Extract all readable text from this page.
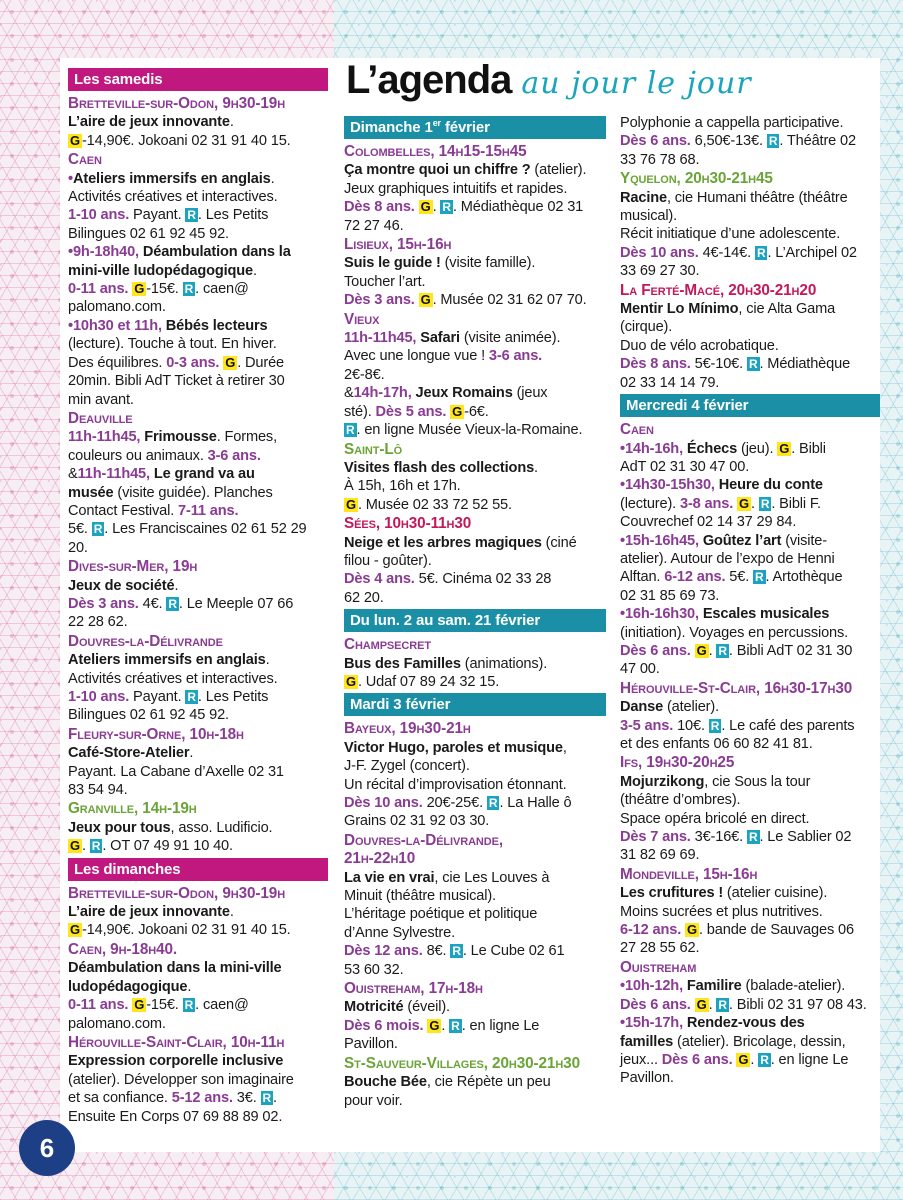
L’agenda au jour le jour
Les samedis
Bretteville-sur-Odon, 9h30-19h
L’aire de jeux innovante.
G -14,90€. Jokoani 02 31 91 40 15.
Caen
•Ateliers immersifs en anglais.
Activités créatives et interactives.
1-10 ans. Payant. R . Les Petits
Bilingues 02 61 92 45 92.
•9h-18h40, Déambulation dans la
mini-ville ludopédagogique.
0-11 ans. G -15€. R . caen@
palomano.com.
•10h30 et 11h, Bébés lecteurs
(lecture). Touche à tout. En hiver.
Des équilibres. 0-3 ans. G . Durée
20min. Bibli AdT Ticket à retirer 30
min avant.
Deauville
11h-11h45, Frimousse. Formes,
couleurs ou animaux. 3-6 ans.
&11h-11h45, Le grand va au
musée (visite guidée). Planches
Contact Festival. 7-11 ans.
5€. R . Les Franciscaines 02 61 52 29 20.
Dives-sur-Mer, 19h
Jeux de société.
Dès 3 ans. 4€. R . Le Meeple 07 66
22 28 62.
Douvres-la-Délivrande
Ateliers immersifs en anglais.
Activités créatives et interactives.
1-10 ans. Payant. R . Les Petits
Bilingues 02 61 92 45 92.
Fleury-sur-Orne, 10h-18h
Café-Store-Atelier.
Payant. La Cabane d’Axelle 02 31
83 54 94.
Granville, 14h-19h
Jeux pour tous, asso. Ludificio.
G . R . OT 07 49 91 10 40.
Les dimanches
Bretteville-sur-Odon, 9h30-19h
L’aire de jeux innovante.
G -14,90€. Jokoani 02 31 91 40 15.
Caen, 9h-18h40.
Déambulation dans la mini-ville
ludopédagogique.
0-11 ans. G -15€. R . caen@
palomano.com.
Hérouville-Saint-Clair, 10h-11h
Expression corporelle inclusive
(atelier). Développer son imaginaire
et sa confiance. 5-12 ans. 3€. R .
Ensuite En Corps 07 69 88 89 02.
Dimanche 1er février
Colombelles, 14h15-15h45
Ça montre quoi un chiffre ? (atelier).
Jeux graphiques intuitifs et rapides.
Dès 8 ans. G . R . Médiathèque 02 31
72 27 46.
Lisieux, 15h-16h
Suis le guide ! (visite famille).
Toucher l’art.
Dès 3 ans. G . Musée 02 31 62 07 70.
Vieux
11h-11h45, Safari (visite animée).
Avec une longue vue ! 3-6 ans.
2€-8€.
&14h-17h, Jeux Romains (jeux
sté). Dès 5 ans. G -6€.
R . en ligne Musée Vieux-la-Romaine.
Saint-Lô
Visites flash des collections.
À 15h, 16h et 17h.
G . Musée 02 33 72 52 55.
Sées, 10h30-11h30
Neige et les arbres magiques (ciné
filou - goûter).
Dès 4 ans. 5€. Cinéma 02 33 28
62 20.
Du lun. 2 au sam. 21 février
Champsecret
Bus des Familles (animations).
G . Udaf 07 89 24 32 15.
Mardi 3 février
Bayeux, 19h30-21h
Victor Hugo, paroles et musique,
J-F. Zygel (concert).
Un récital d’improvisation étonnant.
Dès 10 ans. 20€-25€. R . La Halle ô
Grains 02 31 92 03 30.
Douvres-la-Délivrande,
21h-22h10
La vie en vrai, cie Les Louves à
Minuit (théâtre musical).
L’héritage poétique et politique
d’Anne Sylvestre.
Dès 12 ans. 8€. R . Le Cube 02 61
53 60 32.
Ouistreham, 17h-18h
Motricité (éveil).
Dès 6 mois. G . R . en ligne Le
Pavillon.
St-Sauveur-Villages, 20h30-21h30
Bouche Bée, cie Répète un peu
pour voir.
Polyphonie a cappella participative.
Dès 6 ans. 6,50€-13€. R . Théâtre 02
33 76 78 68.
Yquelon, 20h30-21h45
Racine, cie Humani théâtre (théâtre
musical).
Récit initiatique d’une adolescente.
Dès 10 ans. 4€-14€. R . L’Archipel 02
33 69 27 30.
La Ferté-Macé, 20h30-21h20
Mentir Lo Mínimo, cie Alta Gama
(cirque).
Duo de vélo acrobatique.
Dès 8 ans. 5€-10€. R . Médiathèque
02 33 14 14 79.
Mercredi 4 février
Caen
•14h-16h, Échecs (jeu). G . Bibli
AdT 02 31 30 47 00.
•14h30-15h30, Heure du conte
(lecture). 3-8 ans. G . R . Bibli F.
Couvrechef 02 14 37 29 84.
•15h-16h45, Goûtez l’art (visite-
atelier). Autour de l’expo de Henni
Alftan. 6-12 ans. 5€. R . Artothèque
02 31 85 69 73.
•16h-16h30, Escales musicales
(initiation). Voyages en percussions.
Dès 6 ans. G . R . Bibli AdT 02 31 30
47 00.
Hérouville-St-Clair, 16h30-17h30
Danse (atelier).
3-5 ans. 10€. R . Le café des parents
et des enfants 06 60 82 41 81.
Ifs, 19h30-20h25
Mojurzikong, cie Sous la tour
(théâtre d’ombres).
Space opéra bricolé en direct.
Dès 7 ans. 3€-16€. R . Le Sablier 02
31 82 69 69.
Mondeville, 15h-16h
Les crufitures ! (atelier cuisine).
Moins sucrées et plus nutritives.
6-12 ans. G . bande de Sauvages 06
27 28 55 62.
Ouistreham
•10h-12h, Familire (balade-atelier).
Dès 6 ans. G . R . Bibli 02 31 97 08 43.
•15h-17h, Rendez-vous des
familles (atelier). Bricolage, dessin,
jeux... Dès 6 ans. G . R . en ligne Le
Pavillon.
6
